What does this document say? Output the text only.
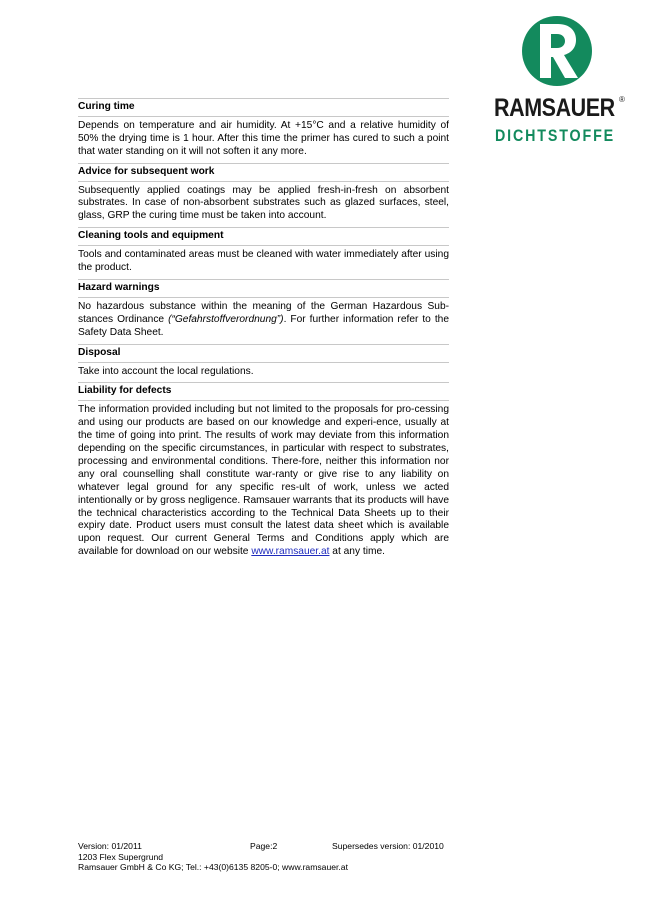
RAMSAUER ®
DICHTSTOFFE
Curing time

Depends on temperature and air humidity. At +15°C and a relative humidity of 50% the drying time is 1 hour. After this time the primer has cured to such a point that water standing on it will not soften it any more.

Advice for subsequent work

Subsequently applied coatings may be applied fresh-in-fresh on absorbent substrates. In case of non-absorbent substrates such as glazed surfaces, steel, glass, GRP the curing time must be taken into account.

Cleaning tools and equipment

Tools and contaminated areas must be cleaned with water immediately after using the product.

Hazard warnings

No hazardous substance within the meaning of the German Hazardous Sub-stances Ordinance (“Gefahrstoffverordnung”). For further information refer to the Safety Data Sheet.

Disposal

Take into account the local regulations.

Liability for defects

The information provided including but not limited to the proposals for pro-cessing and using our products are based on our knowledge and experi-ence, usually at the time of going into print. The results of work may deviate from this information depending on the specific circumstances, in particular with respect to substrates, processing and environmental conditions. There-fore, neither this information nor any oral counselling shall constitute war-ranty or give rise to any liability on whatever legal ground for any specific res-ult of work, unless we acted intentionally or by gross negligence. Ramsauer warrants that its products will have the technical characteristics according to the Technical Data Sheets up to their expiry date. Product users must consult the latest data sheet which is available upon request. Our current General Terms and Conditions apply which are available for download on our website www.ramsauer.at at any time.

Version: 01/2011	Page:2	Supersedes version: 01/2010
1203 Flex Supergrund
Ramsauer GmbH & Co KG; Tel.: +43(0)6135 8205-0; www.ramsauer.at
